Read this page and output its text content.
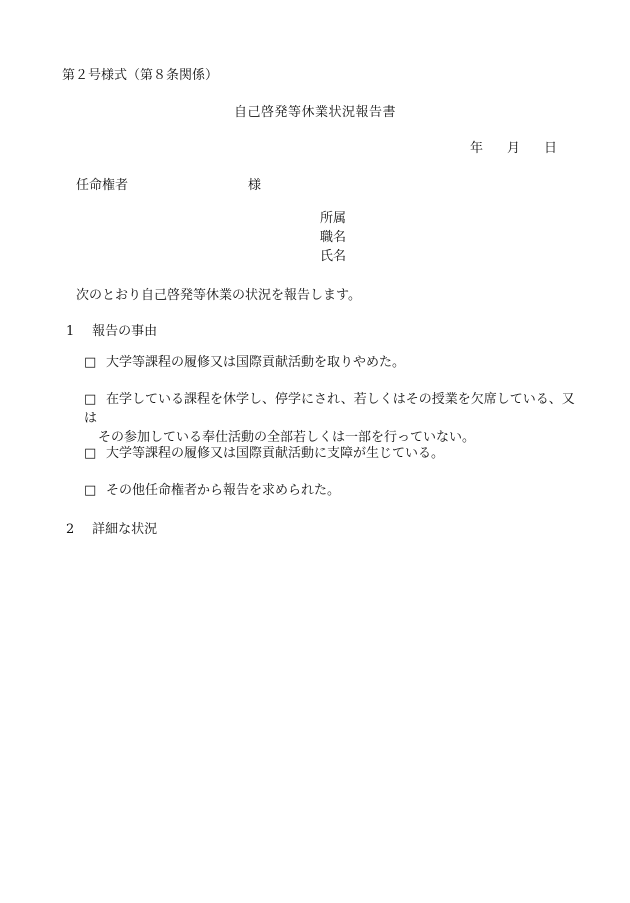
第２号様式（第８条関係）
自己啓発等休業状況報告書
年 月 日
任命権者	様
所属
職名
氏名
次のとおり自己啓発等休業の状況を報告します。
1 報告の事由
□ 大学等課程の履修又は国際貢献活動を取りやめた。
□ 在学している課程を休学し、停学にされ、若しくはその授業を欠席している、又は
その参加している奉仕活動の全部若しくは一部を行っていない。
□ 大学等課程の履修又は国際貢献活動に支障が生じている。
□ その他任命権者から報告を求められた。
2 詳細な状況
